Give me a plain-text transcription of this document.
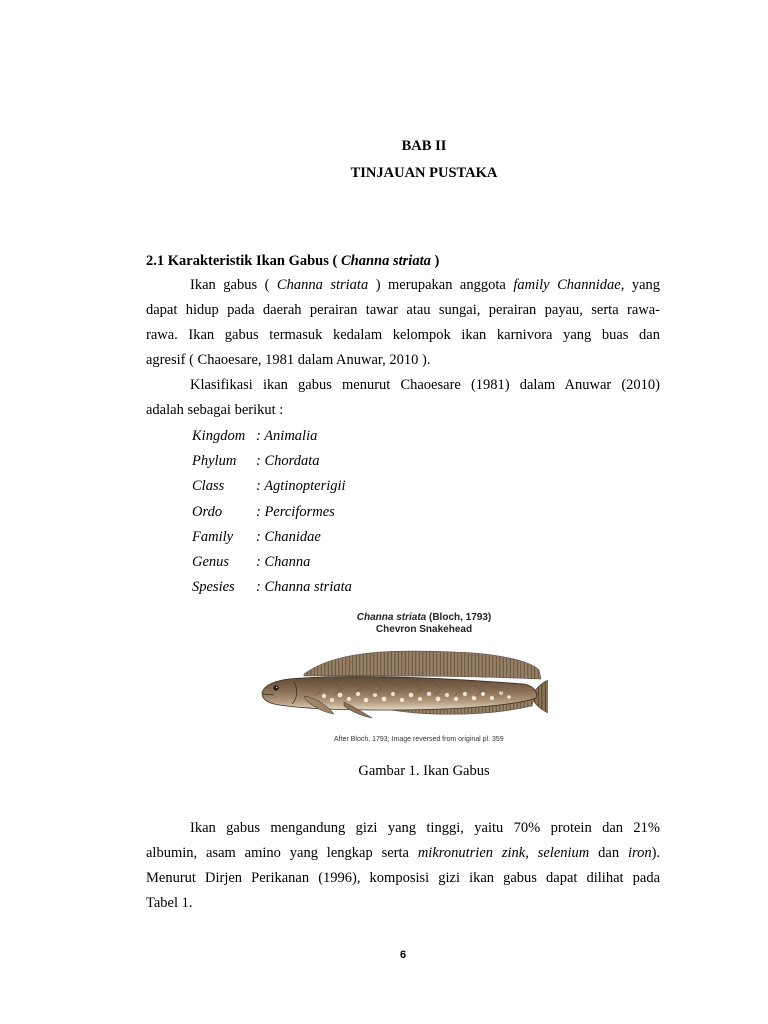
BAB II
TINJAUAN PUSTAKA
2.1 Karakteristik Ikan Gabus ( Channa striata )
Ikan gabus ( Channa striata ) merupakan anggota family Channidae, yang
dapat hidup pada daerah perairan tawar atau sungai, perairan payau, serta rawa-
rawa. Ikan gabus termasuk kedalam kelompok ikan karnivora yang buas dan
agresif ( Chaoesare, 1981 dalam Anuwar, 2010 ).
Klasifikasi ikan gabus menurut Chaoesare (1981) dalam Anuwar (2010)
adalah sebagai berikut :
Kingdom : Animalia
Phylum : Chordata
Class : Agtinopterigii
Ordo : Perciformes
Family : Chanidae
Genus : Channa
Spesies : Channa striata
Channa striata (Bloch, 1793)
Chevron Snakehead
After Bloch, 1793; Image reversed from original pl. 359
Gambar 1. Ikan Gabus
Ikan gabus mengandung gizi yang tinggi, yaitu 70% protein dan 21%
albumin, asam amino yang lengkap serta mikronutrien zink, selenium dan iron).
Menurut Dirjen Perikanan (1996), komposisi gizi ikan gabus dapat dilihat pada
Tabel 1.
6
